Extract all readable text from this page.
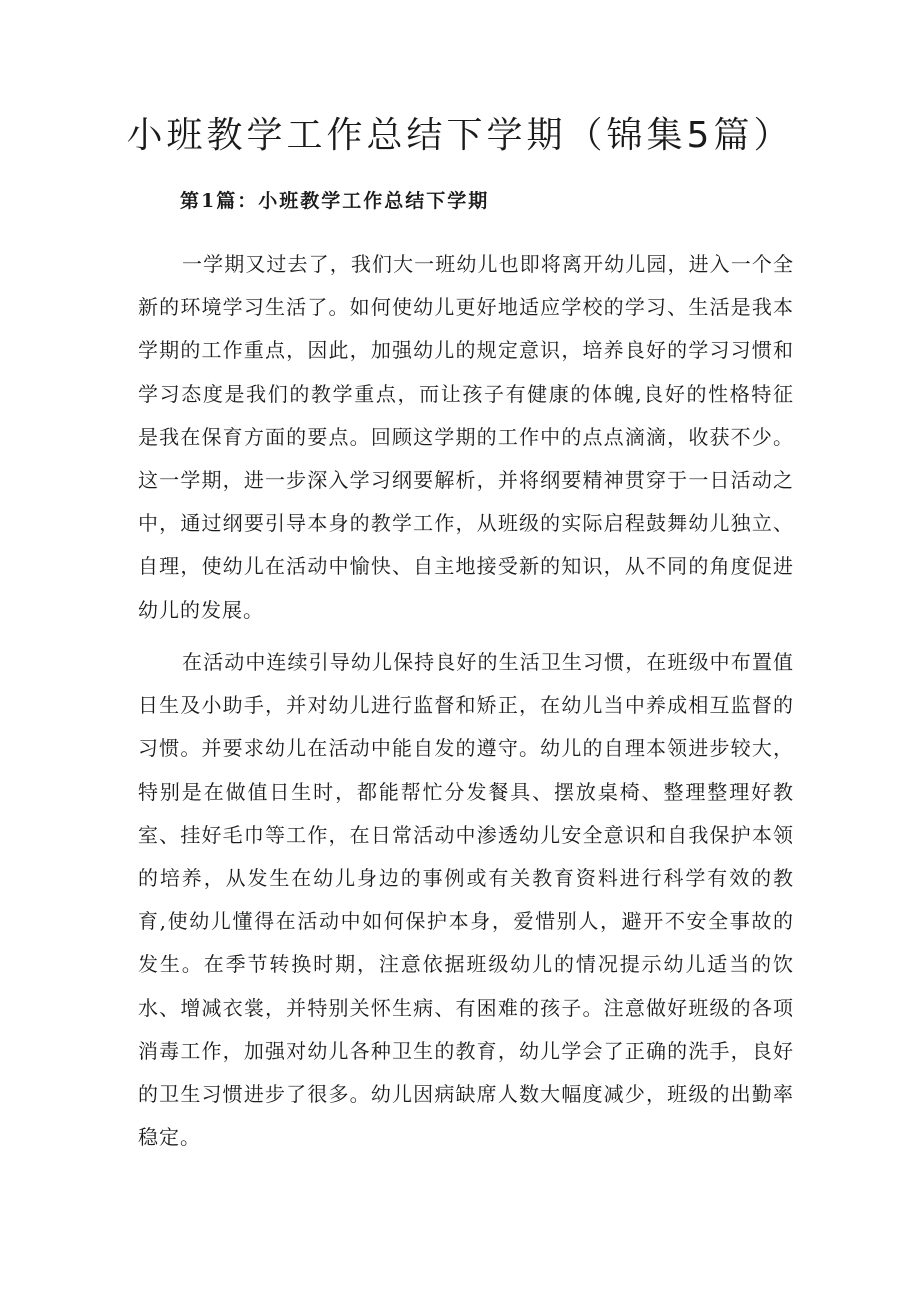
小班教学工作总结下学期（锦集5篇）
第1篇：小班教学工作总结下学期

一学期又过去了，我们大一班幼儿也即将离开幼儿园，进入一个全新的环境学习生活了。如何使幼儿更好地适应学校的学习、生活是我本学期的工作重点，因此，加强幼儿的规定意识，培养良好的学习习惯和学习态度是我们的教学重点，而让孩子有健康的体魄,良好的性格特征是我在保育方面的要点。回顾这学期的工作中的点点滴滴，收获不少。这一学期，进一步深入学习纲要解析，并将纲要精神贯穿于一日活动之中，通过纲要引导本身的教学工作，从班级的实际启程鼓舞幼儿独立、自理，使幼儿在活动中愉快、自主地接受新的知识，从不同的角度促进幼儿的发展。

在活动中连续引导幼儿保持良好的生活卫生习惯，在班级中布置值日生及小助手，并对幼儿进行监督和矫正，在幼儿当中养成相互监督的习惯。并要求幼儿在活动中能自发的遵守。幼儿的自理本领进步较大，特别是在做值日生时，都能帮忙分发餐具、摆放桌椅、整理整理好教室、挂好毛巾等工作，在日常活动中渗透幼儿安全意识和自我保护本领的培养，从发生在幼儿身边的事例或有关教育资料进行科学有效的教育,使幼儿懂得在活动中如何保护本身，爱惜别人，避开不安全事故的发生。在季节转换时期，注意依据班级幼儿的情况提示幼儿适当的饮水、增减衣裳，并特别关怀生病、有困难的孩子。注意做好班级的各项消毒工作，加强对幼儿各种卫生的教育，幼儿学会了正确的洗手，良好的卫生习惯进步了很多。幼儿因病缺席人数大幅度减少，班级的出勤率稳定。
